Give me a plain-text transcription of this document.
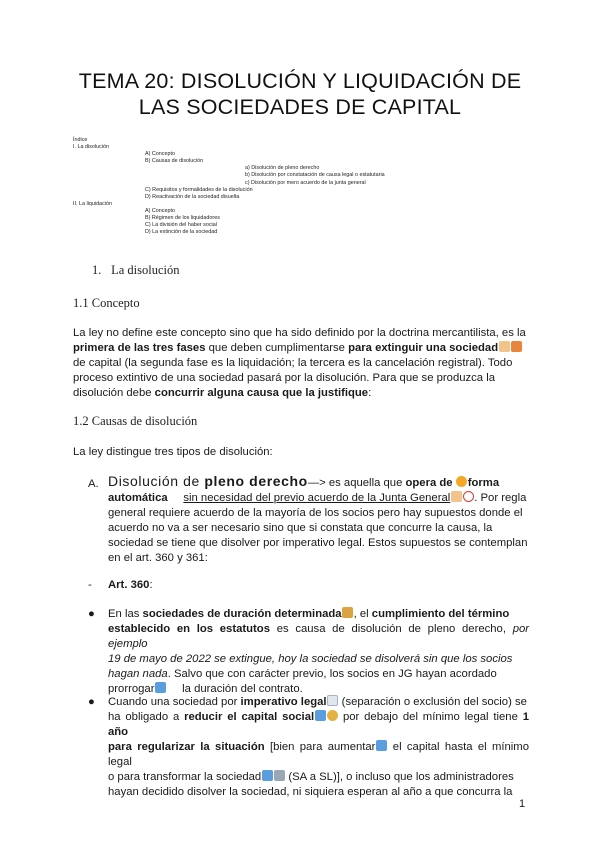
TEMA 20: DISOLUCIÓN Y LIQUIDACIÓN DE
LAS SOCIEDADES DE CAPITAL
Índice
I. La disolución
A) Concepto
B) Causas de disolución
a) Disolución de pleno derecho
b) Disolución por constatación de causa legal o estatutaria
c) Disolución por mero acuerdo de la junta general
C) Requisitos y formalidades de la disolución
D) Reactivación de la sociedad disuelta
II. La liquidación
A) Concepto
B) Régimen de los liquidadores
C) La división del haber social
D) La extinción de la sociedad
1. La disolución
1.1 Concepto
La ley no define este concepto sino que ha sido definido por la doctrina mercantilista, es la
primera de las tres fases que deben cumplimentarse para extinguir una sociedad
de capital (la segunda fase es la liquidación; la tercera es la cancelación registral). Todo
proceso extintivo de una sociedad pasará por la disolución. Para que se produzca la
disolución debe concurrir alguna causa que la justifique:
1.2 Causas de disolución
La ley distingue tres tipos de disolución:
A. Disolución de pleno derecho—> es aquella que opera de forma
automática sin necesidad del previo acuerdo de la Junta General . Por regla
general requiere acuerdo de la mayoría de los socios pero hay supuestos donde el
acuerdo no va a ser necesario sino que si constata que concurre la causa, la
sociedad se tiene que disolver por imperativo legal. Estos supuestos se contemplan
en el art. 360 y 361:
- Art. 360:
● En las sociedades de duración determinada , el cumplimiento del término
establecido en los estatutos es causa de disolución de pleno derecho, por ejemplo
19 de mayo de 2022 se extingue, hoy la sociedad se disolverá sin que los socios
hagan nada. Salvo que con carácter previo, los socios en JG hayan acordado
prorrogar la duración del contrato.
● Cuando una sociedad por imperativo legal (separación o exclusión del socio) se
ha obligado a reducir el capital social por debajo del mínimo legal tiene 1 año
para regularizar la situación [bien para aumentar el capital hasta el mínimo legal
o para transformar la sociedad (SA a SL)], o incluso que los administradores
hayan decidido disolver la sociedad, ni siquiera esperan al año a que concurra la
1
